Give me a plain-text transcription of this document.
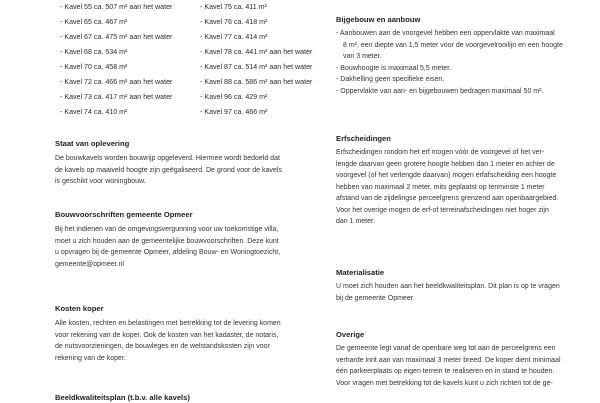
- Kavel 55 ca. 507 m² aan het water
- Kavel 65 ca. 467 m²
- Kavel 67 ca. 475 m² aan het water
- Kavel 68 ca. 534 m²
- Kavel 70 ca. 458 m²
- Kavel 72 ca. 466 m² aan het water
- Kavel 73 ca. 417 m² aan het water
- Kavel 74 ca. 410 m²
- Kavel 75 ca. 411 m²
- Kavel 76 ca. 418 m²
- Kavel 77 ca. 414 m²
- Kavel 78 ca. 441 m² aan het water
- Kavel 87 ca. 514 m² aan het water
- Kavel 88 ca. 586 m² aan het water
- Kavel 96 ca. 429 m²
- Kavel 97 ca. 466 m²
Staat van oplevering

De bouwkavels worden bouwrijp opgeleverd. Hiermee wordt bedoeld dat

de kavels op maaiveld hoogte zijn geëgaliseerd. De grond voor de kavels

is geschikt voor woningbouw.

Bouwvoorschriften gemeente Opmeer

Bij het indienen van de omgevingsvergunning voor uw toekomstige villa,

moet u zich houden aan de gemeentelijke bouwvoorschriften. Deze kunt

u opvragen bij de gemeente Opmeer, afdeling Bouw- en Woningtoezicht,

gemeente@opmeer.nl

Kosten koper

Alle kosten, rechten en belastingen met betrekking tot de levering komen

voor rekening van de koper. Ook de kosten van het kadaster, de notaris,

de nutsvoorzieningen, de bouwleges en de welstandskosten zijn voor

rekening van de koper.

Beeldkwaliteitsplan (t.b.v. alle kavels)
Bijgebouw en aanbouw

- Aanbouwen aan de voorgevel hebben een oppervlakte van maximaal

8 m², een diepte van 1,5 meter voor de voorgevelrooilijn en een hoogte

van 3 meter.

- Bouwhoogte is maximaal 5,5 meter.

- Dakhelling geen specifieke eisen.

- Oppervlakte van aan- en bijgebouwen bedragen maximaal 50 m².

Erfscheidingen

Erfscheidingen rondom het erf mogen vóór de voorgevel of het ver-

lengde daarvan geen grotere hoogte hebben dan 1 meter en achter de

voorgevel (of het verlengde daarvan) mogen erfafscheiding een hoogte

hebben van maximaal 2 meter, mits geplaatst op tenminste 1 meter

afstand van de zijdelingse perceelgrens grenzend aan openbaargebied.

Voor het overige mogen de erf-of terreinafscheidingen niet hoger zijn

dan 1 meter.

Materialisatie

U moet zich houden aan het beeldkwaliteitsplan. Dit plan is op te vragen

bij de gemeente Opmeer.

Overige

De gemeente legt vanaf de openbare weg tot aan de perceelgrens een

verharde inrit aan van maximaal 3 meter breed. De koper dient minimaal

één parkeerplaats op eigen terrein te realiseren en in stand te houden.

Voor vragen met betrekking tot de kavels kunt u zich richten tot de ge-
